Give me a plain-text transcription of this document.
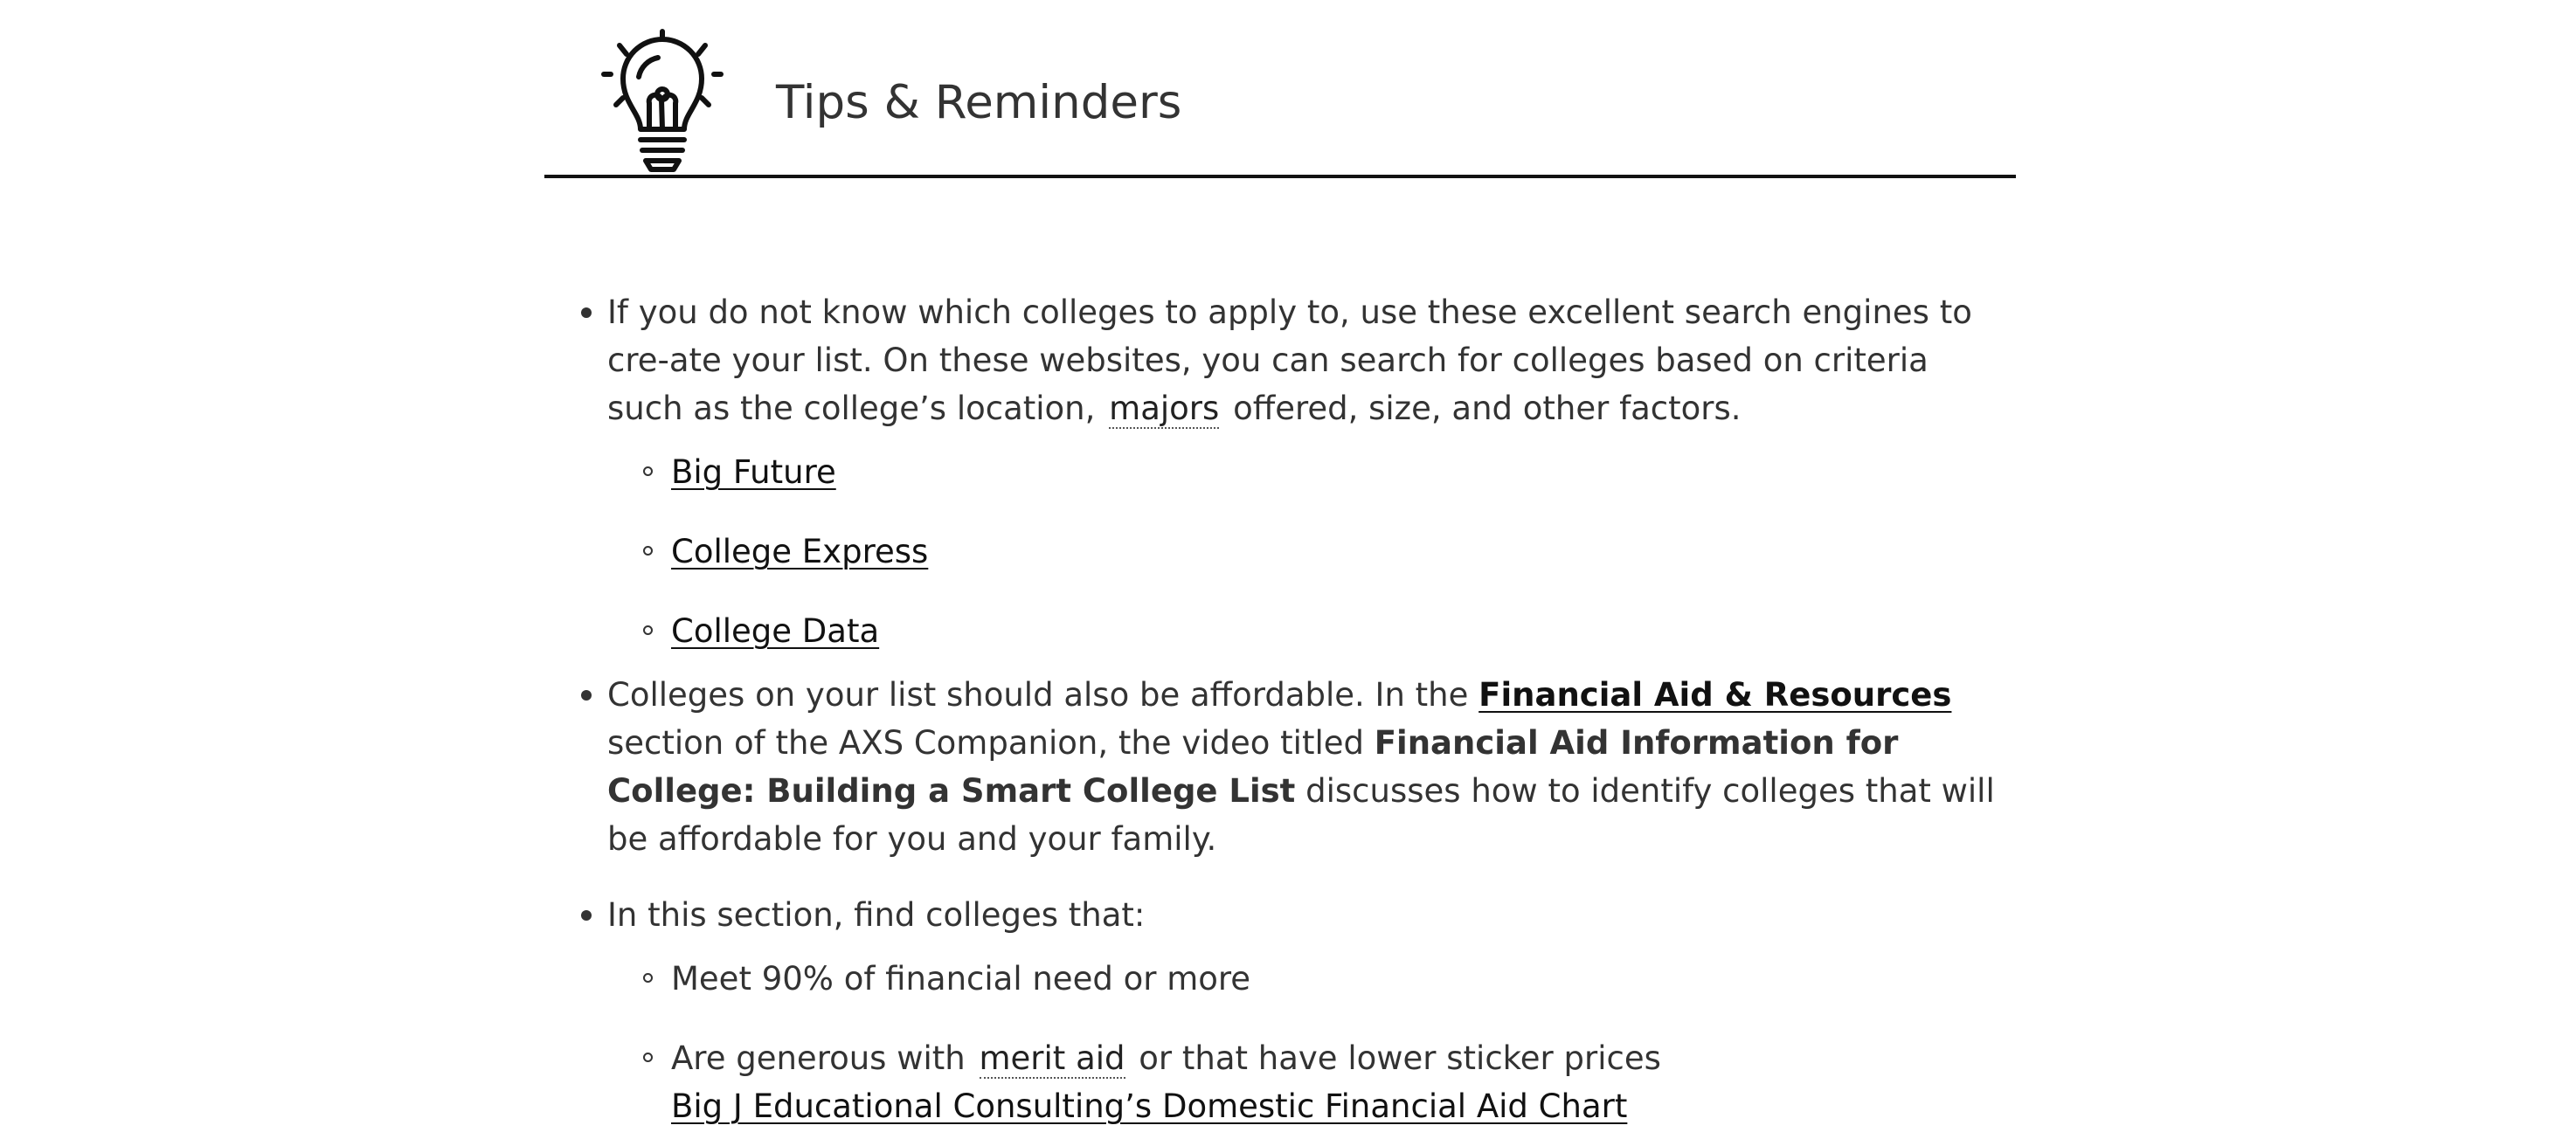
Tips & Reminders
If you do not know which colleges to apply to, use these excellent search engines to cre-ate your list. On these websites, you can search for colleges based on criteria such as the college’s location, majors offered, size, and other factors.
Big Future
College Express
College Data
Colleges on your list should also be affordable. In the Financial Aid & Resources section of the AXS Companion, the video titled Financial Aid Information for College: Building a Smart College List discusses how to identify colleges that will be affordable for you and your family.
In this section, find colleges that:
Meet 90% of financial need or more
Are generous with merit aid or that have lower sticker prices
Big J Educational Consulting’s Domestic Financial Aid Chart
